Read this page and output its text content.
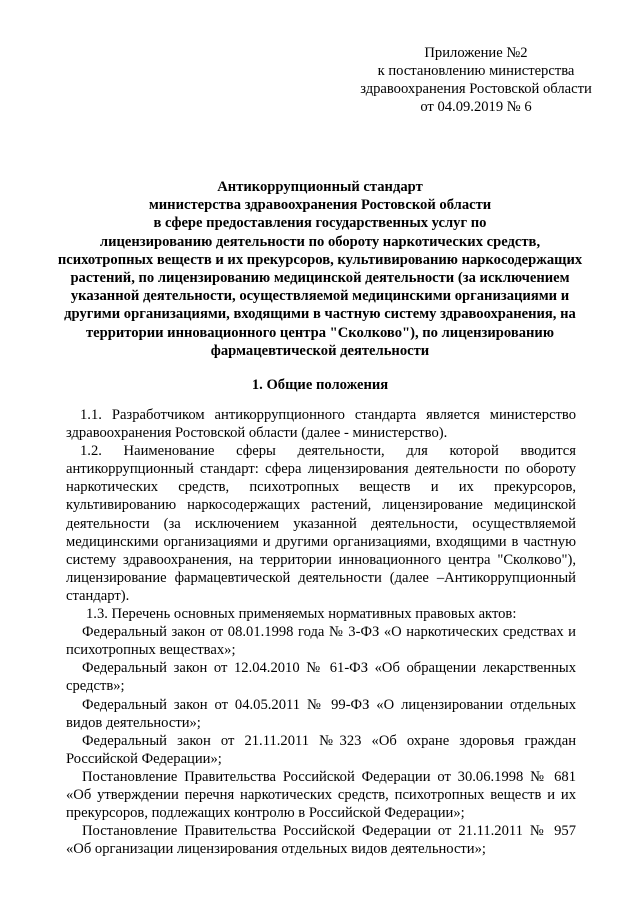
Приложение №2
к постановлению министерства
здравоохранения Ростовской области
от 04.09.2019 № 6
Антикоррупционный стандарт
министерства здравоохранения Ростовской области
в сфере предоставления государственных услуг по
лицензированию деятельности по обороту наркотических средств,
психотропных веществ и их прекурсоров, культивированию наркосодержащих
растений, по лицензированию медицинской деятельности (за исключением
указанной деятельности, осуществляемой медицинскими организациями и
другими организациями, входящими в частную систему здравоохранения, на
территории инновационного центра "Сколково"), по лицензированию
фармацевтической деятельности
1. Общие положения

1.1. Разработчиком антикоррупционного стандарта является министерство здравоохранения Ростовской области (далее - министерство).

1.2. Наименование сферы деятельности, для которой вводится антикоррупционный стандарт: сфера лицензирования деятельности по обороту наркотических средств, психотропных веществ и их прекурсоров, культивированию наркосодержащих растений, лицензирование медицинской деятельности (за исключением указанной деятельности, осуществляемой медицинскими организациями и другими организациями, входящими в частную систему здравоохранения, на территории инновационного центра "Сколково"), лицензирование фармацевтической деятельности (далее –Антикоррупционный стандарт).

1.3. Перечень основных применяемых нормативных правовых актов:

Федеральный закон от 08.01.1998 года № 3-ФЗ «О наркотических средствах и психотропных веществах»;

Федеральный закон от 12.04.2010 № 61-ФЗ «Об обращении лекарственных средств»;

Федеральный закон от 04.05.2011 № 99-ФЗ «О лицензировании отдельных видов деятельности»;

Федеральный закон от 21.11.2011 №323 «Об охране здоровья граждан Российской Федерации»;

Постановление Правительства Российской Федерации от 30.06.1998 № 681 «Об утверждении перечня наркотических средств, психотропных веществ и их прекурсоров, подлежащих контролю в Российской Федерации»;

Постановление Правительства Российской Федерации от 21.11.2011 № 957 «Об организации лицензирования отдельных видов деятельности»;
